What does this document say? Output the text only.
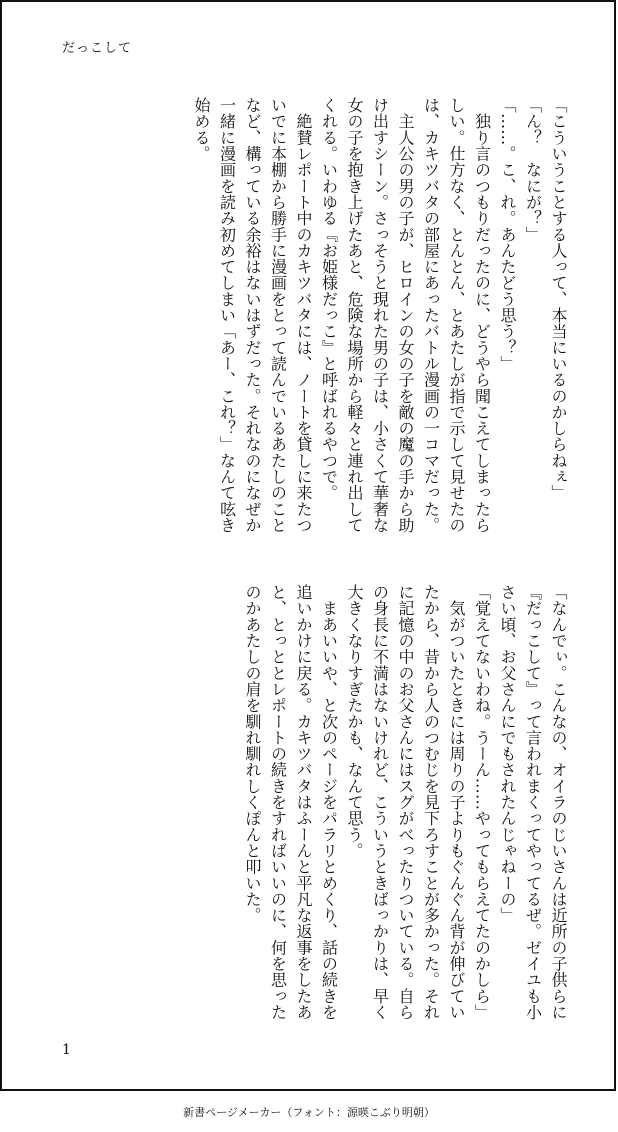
だっこして

「こういうことする人って、本当にいるのかしらねぇ」

「ん？　なにが？」

「……。こ、れ。あんたどう思う？」

　独り言のつもりだったのに、どうやら聞こえてしまったらしい。仕方なく、とんとん、とあたしが指で示して見せたのは、カキツバタの部屋にあったバトル漫画の一コマだった。

　主人公の男の子が、ヒロインの女の子を敵の魔の手から助け出すシーン。さっそうと現れた男の子は、小さくて華奢な女の子を抱き上げたあと、危険な場所から軽々と連れ出してくれる。いわゆる『お姫様だっこ』と呼ばれるやつで。

　絶賛レポート中のカキツバタには、ノートを貸しに来たついでに本棚から勝手に漫画をとって読んでいるあたしのことなど、構っている余裕はないはずだった。それなのになぜか一緒に漫画を読み初めてしまい「あー、これ？」なんて呟き始める。

「なんでぃ。こんなの、オイラのじいさんは近所の子供らに『だっこして』って言われまくってやってるぜ。ゼイユも小さい頃、お父さんにでもされたんじゃねーの」

「覚えてないわね。うーん……やってもらえてたのかしら」

　気がついたときには周りの子よりもぐんぐん背が伸びていたから、昔から人のつむじを見下ろすことが多かった。それに記憶の中のお父さんにはスグがべったりついている。自らの身長に不満はないけれど、こういうときばっかりは、早く大きくなりすぎたかも、なんて思う。

　まあいいや、と次のページをパラリとめくり、話の続きを追いかけに戻る。カキツバタはふーんと平凡な返事をしたあと、とっととレポートの続きをすればいいのに、何を思ったのかあたしの肩を馴れ馴れしくぽんと叩いた。

1
新書ページメーカー（フォント：源暎こぶり明朝）
